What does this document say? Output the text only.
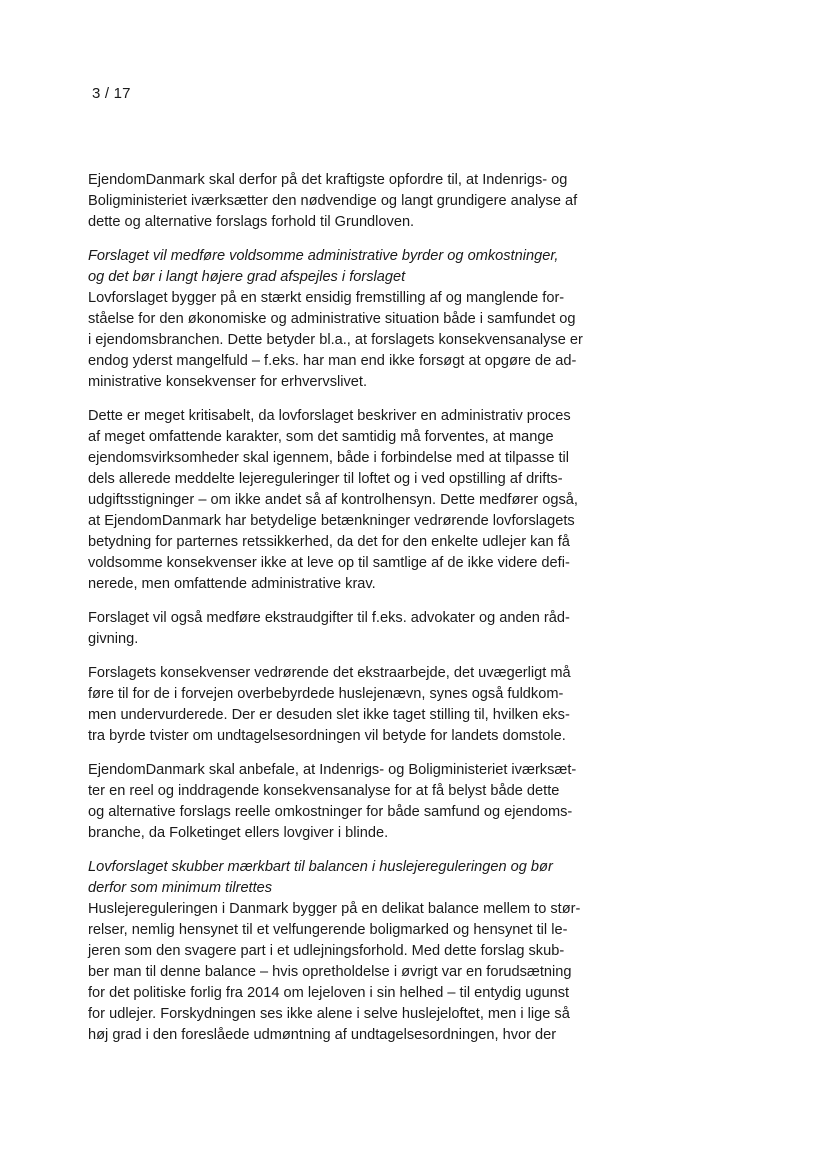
3 / 17

EjendomDanmark skal derfor på det kraftigste opfordre til, at Indenrigs- og
Boligministeriet iværksætter den nødvendige og langt grundigere analyse af
dette og alternative forslags forhold til Grundloven.

Forslaget vil medføre voldsomme administrative byrder og omkostninger,
og det bør i langt højere grad afspejles i forslaget

Lovforslaget bygger på en stærkt ensidig fremstilling af og manglende for-
ståelse for den økonomiske og administrative situation både i samfundet og
i ejendomsbranchen. Dette betyder bl.a., at forslagets konsekvensanalyse er
endog yderst mangelfuld – f.eks. har man end ikke forsøgt at opgøre de ad-
ministrative konsekvenser for erhvervslivet.

Dette er meget kritisabelt, da lovforslaget beskriver en administrativ proces
af meget omfattende karakter, som det samtidig må forventes, at mange
ejendomsvirksomheder skal igennem, både i forbindelse med at tilpasse til
dels allerede meddelte lejereguleringer til loftet og i ved opstilling af drifts-
udgiftsstigninger – om ikke andet så af kontrolhensyn. Dette medfører også,
at EjendomDanmark har betydelige betænkninger vedrørende lovforslagets
betydning for parternes retssikkerhed, da det for den enkelte udlejer kan få
voldsomme konsekvenser ikke at leve op til samtlige af de ikke videre defi-
nerede, men omfattende administrative krav.

Forslaget vil også medføre ekstraudgifter til f.eks. advokater og anden råd-
givning.

Forslagets konsekvenser vedrørende det ekstraarbejde, det uvægerligt må
føre til for de i forvejen overbebyrdede huslejenævn, synes også fuldkom-
men undervurderede. Der er desuden slet ikke taget stilling til, hvilken eks-
tra byrde tvister om undtagelsesordningen vil betyde for landets domstole.

EjendomDanmark skal anbefale, at Indenrigs- og Boligministeriet iværksæt-
ter en reel og inddragende konsekvensanalyse for at få belyst både dette
og alternative forslags reelle omkostninger for både samfund og ejendoms-
branche, da Folketinget ellers lovgiver i blinde.

Lovforslaget skubber mærkbart til balancen i huslejereguleringen og bør
derfor som minimum tilrettes

Huslejereguleringen i Danmark bygger på en delikat balance mellem to stør-
relser, nemlig hensynet til et velfungerende boligmarked og hensynet til le-
jeren som den svagere part i et udlejningsforhold. Med dette forslag skub-
ber man til denne balance – hvis opretholdelse i øvrigt var en forudsætning
for det politiske forlig fra 2014 om lejeloven i sin helhed – til entydig ugunst
for udlejer. Forskydningen ses ikke alene i selve huslejeloftet, men i lige så
høj grad i den foreslåede udmøntning af undtagelsesordningen, hvor der
